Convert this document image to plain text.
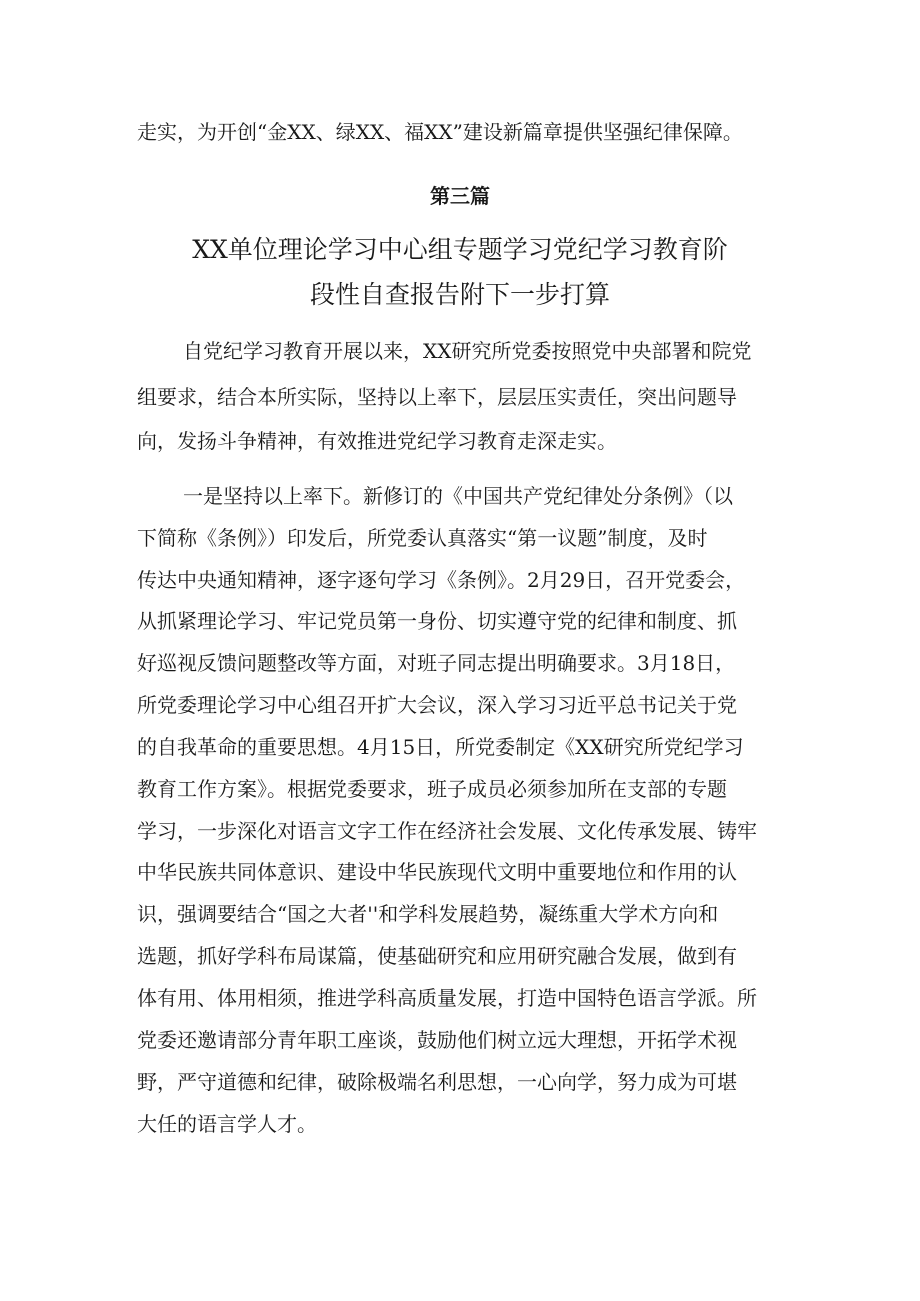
走实，为开创“金XX、绿XX、福XX”建设新篇章提供坚强纪律保障。
第三篇
XX单位理论学习中心组专题学习党纪学习教育阶
段性自查报告附下一步打算
自党纪学习教育开展以来，XX研究所党委按照党中央部署和院党
组要求，结合本所实际，坚持以上率下，层层压实责任，突出问题导
向，发扬斗争精神，有效推进党纪学习教育走深走实。
一是坚持以上率下。新修订的《中国共产党纪律处分条例》（以
下简称《条例》）印发后，所党委认真落实“第一议题”制度，及时
传达中央通知精神，逐字逐句学习《条例》。2月29日，召开党委会，
从抓紧理论学习、牢记党员第一身份、切实遵守党的纪律和制度、抓
好巡视反馈问题整改等方面，对班子同志提出明确要求。3月18日，
所党委理论学习中心组召开扩大会议，深入学习习近平总书记关于党
的自我革命的重要思想。4月15日，所党委制定《XX研究所党纪学习
教育工作方案》。根据党委要求，班子成员必须参加所在支部的专题
学习，一步深化对语言文字工作在经济社会发展、文化传承发展、铸牢
中华民族共同体意识、建设中华民族现代文明中重要地位和作用的认
识，强调要结合“国之大者''和学科发展趋势，凝练重大学术方向和
选题，抓好学科布局谋篇，使基础研究和应用研究融合发展，做到有
体有用、体用相须，推进学科高质量发展，打造中国特色语言学派。所
党委还邀请部分青年职工座谈，鼓励他们树立远大理想，开拓学术视
野，严守道德和纪律，破除极端名利思想，一心向学，努力成为可堪
大任的语言学人才。
